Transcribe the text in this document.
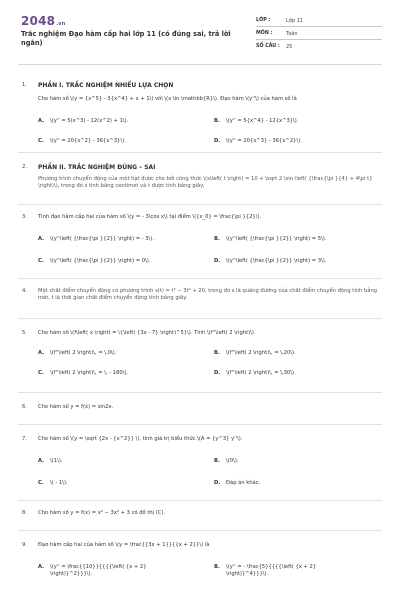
2048.vn
Trắc nghiệm Đạo hàm cấp hai lớp 11 (có đúng sai, trả lời ngắn)
LỚP :	Lớp 11
MÔN :	Toán
SỐ CÂU :	25
1. PHẦN I. TRẮC NGHIỆM NHIỀU LỰA CHỌN
Cho hàm số \(y = {x^5} - 3{x^4} + x + 1\) với \(x \in \mathbb{R}\). Đạo hàm \(y''\) của hàm số là
A. \(y'' = 5(x^3) - 12(x^2) + 1\).	B. \(y'' = 5{x^4} - 12{x^3}\).
C. \(y'' = 20{x^2} - 36{x^3}\).	D. \(y'' = 20{x^3} - 36{x^2}\).
2. PHẦN II. TRẮC NGHIỆM ĐÚNG – SAI
Phương trình chuyển động của một hạt được cho bởi công thức \(s\left( t \right) = 10 + \sqrt 2 \sin \left( {\frac{\pi }{4} + 4\pi t} \right)\), trong đó s tính bằng centimet và t được tính bằng giây.
3. Tính đạo hàm cấp hai của hàm số \(y = - 3\cos x\) tại điểm \({x_0} = \frac{\pi }{2}\).
A. \(y''\left( {\frac{\pi }{2}} \right) = - 3\).	B. \(y''\left( {\frac{\pi }{2}} \right) = 5\).
C. \(y''\left( {\frac{\pi }{2}} \right) = 0\).	D. \(y''\left( {\frac{\pi }{2}} \right) = 3\).
4. Một chất điểm chuyển động có phương trình s(t) = t³ − 3t² + 20, trong đó s là quãng đường của chất điểm chuyển động tính bằng mét, t là thời gian chất điểm chuyển động tính bằng giây.
5. Cho hàm số \(f\left( x \right) = \{\left( {3x - 7} \right)^5}\). Tính \(f''\left( 2 \right)\).
A. \(f''\left( 2 \right)\, = \,0\).	B. \(f''\left( 2 \right)\, = \,20\).
C. \(f''\left( 2 \right)\, = \, - 180\).	D. \(f''\left( 2 \right)\, = \,30\).
6. Cho hàm số y = f(x) = sin2x.
7. Cho hàm số \(y = \sqrt {2x - {x^2}} \), tính giá trị biểu thức \(A = {y^3} y''\).
A. \(1\).	B. \(0\).
C. \( - 1\).	D. Đáp án khác.
8. Cho hàm số y = f(x) = x³ − 3x² + 3 có đồ thị (C).
9. Đạo hàm cấp hai của hàm số \(y = \frac{{3x + 1}}{{x + 2}}\) là
A. \(y'' = \frac{{10}}{{{{\left( {x + 2} \right)}^2}}}\).
B. \(y'' = - \frac{5}{{{{\left( {x + 2} \right)}^4}}}\).
